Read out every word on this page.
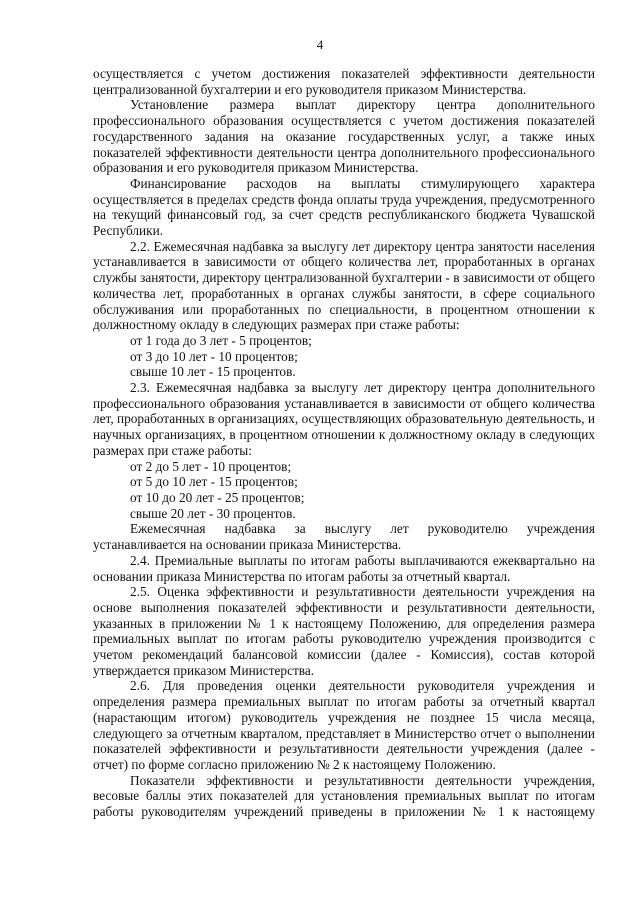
4

осуществляется с учетом достижения показателей эффективности деятельности централизованной бухгалтерии и его руководителя приказом Министерства.

Установление размера выплат директору центра дополнительного профессионального образования осуществляется с учетом достижения показателей государственного задания на оказание государственных услуг, а также иных показателей эффективности деятельности центра дополнительного профессионального образования и его руководителя приказом Министерства.

Финансирование расходов на выплаты стимулирующего характера осуществляется в пределах средств фонда оплаты труда учреждения, предусмотренного на текущий финансовый год, за счет средств республиканского бюджета Чувашской Республики.

2.2. Ежемесячная надбавка за выслугу лет директору центра занятости населения устанавливается в зависимости от общего количества лет, проработанных в органах службы занятости, директору централизованной бухгалтерии - в зависимости от общего количества лет, проработанных в органах службы занятости, в сфере социального обслуживания или проработанных по специальности, в процентном отношении к должностному окладу в следующих размерах при стаже работы:

от 1 года до 3 лет - 5 процентов;

от 3 до 10 лет - 10 процентов;

свыше 10 лет - 15 процентов.

2.3. Ежемесячная надбавка за выслугу лет директору центра дополнительного профессионального образования устанавливается в зависимости от общего количества лет, проработанных в организациях, осуществляющих образовательную деятельность, и научных организациях, в процентном отношении к должностному окладу в следующих размерах при стаже работы:

от 2 до 5 лет - 10 процентов;

от 5 до 10 лет - 15 процентов;

от 10 до 20 лет - 25 процентов;

свыше 20 лет - 30 процентов.

Ежемесячная надбавка за выслугу лет руководителю учреждения устанавливается на основании приказа Министерства.

2.4. Премиальные выплаты по итогам работы выплачиваются ежеквартально на основании приказа Министерства по итогам работы за отчетный квартал.

2.5. Оценка эффективности и результативности деятельности учреждения на основе выполнения показателей эффективности и результативности деятельности, указанных в приложении № 1 к настоящему Положению, для определения размера премиальных выплат по итогам работы руководителю учреждения производится с учетом рекомендаций балансовой комиссии (далее - Комиссия), состав которой утверждается приказом Министерства.

2.6. Для проведения оценки деятельности руководителя учреждения и определения размера премиальных выплат по итогам работы за отчетный квартал (нарастающим итогом) руководитель учреждения не позднее 15 числа месяца, следующего за отчетным кварталом, представляет в Министерство отчет о выполнении показателей эффективности и результативности деятельности учреждения (далее - отчет) по форме согласно приложению № 2 к настоящему Положению.

Показатели эффективности и результативности деятельности учреждения, весовые баллы этих показателей для установления премиальных выплат по итогам работы руководителям учреждений приведены в приложении № 1 к настоящему
